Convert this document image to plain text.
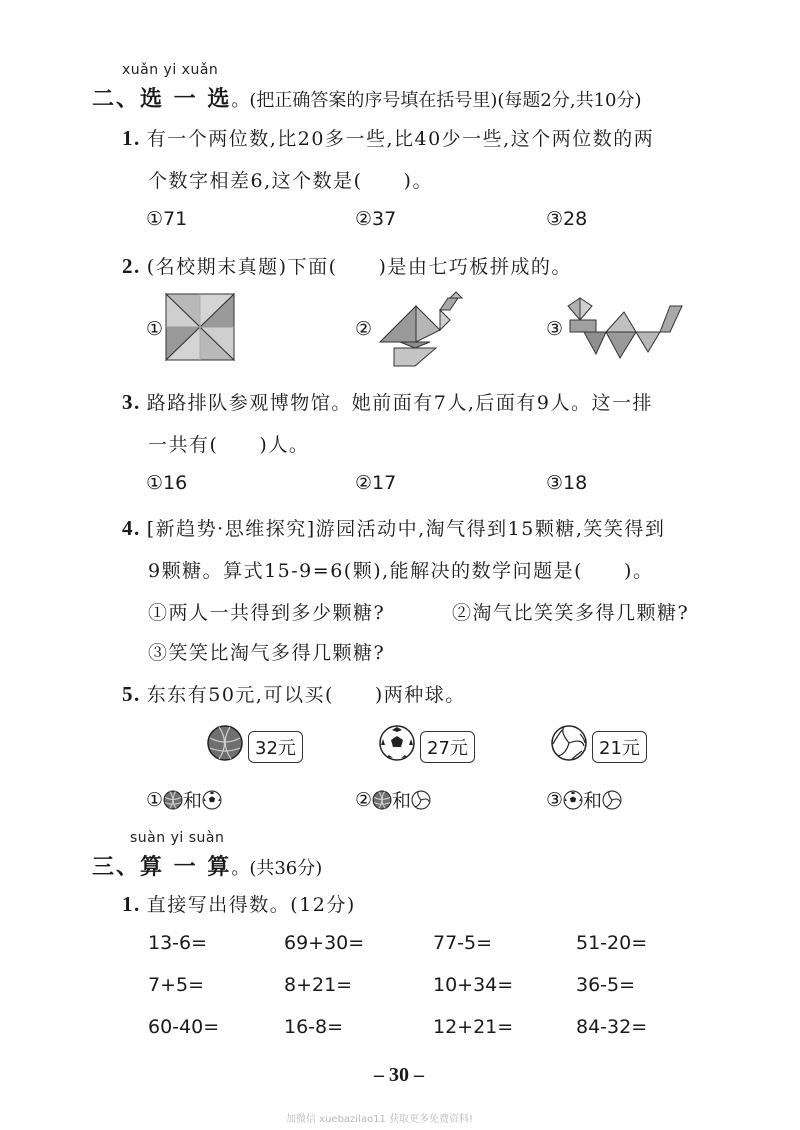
xuǎn yi xuǎn
二、选 一 选。(把正确答案的序号填在括号里)(每题2分,共10分)
1. 有一个两位数,比20多一些,比40少一些,这个两位数的两
个数字相差6,这个数是(　　)。
①71	②37	③28
2. (名校期末真题)下面(　　)是由七巧板拼成的。
①	②	③
3. 路路排队参观博物馆。她前面有7人,后面有9人。这一排
一共有(　　)人。
①16	②17	③18
4. [新趋势·思维探究]游园活动中,淘气得到15颗糖,笑笑得到
9颗糖。算式15-9=6(颗),能解决的数学问题是(　　)。
①两人一共得到多少颗糖?	②淘气比笑笑多得几颗糖?
③笑笑比淘气多得几颗糖?
5. 东东有50元,可以买(　　)两种球。
32元	27元	21元
① 和	② 和	③ 和
suàn yi suàn
三、算 一 算。(共36分)
1. 直接写出得数。(12分)
13-6=	69+30=	77-5=	51-20=
7+5=	8+21=	10+34=	36-5=
60-40=	16-8=	12+21=	84-32=
– 30 –
加微信 xuebazilao11 获取更多免费资料!
